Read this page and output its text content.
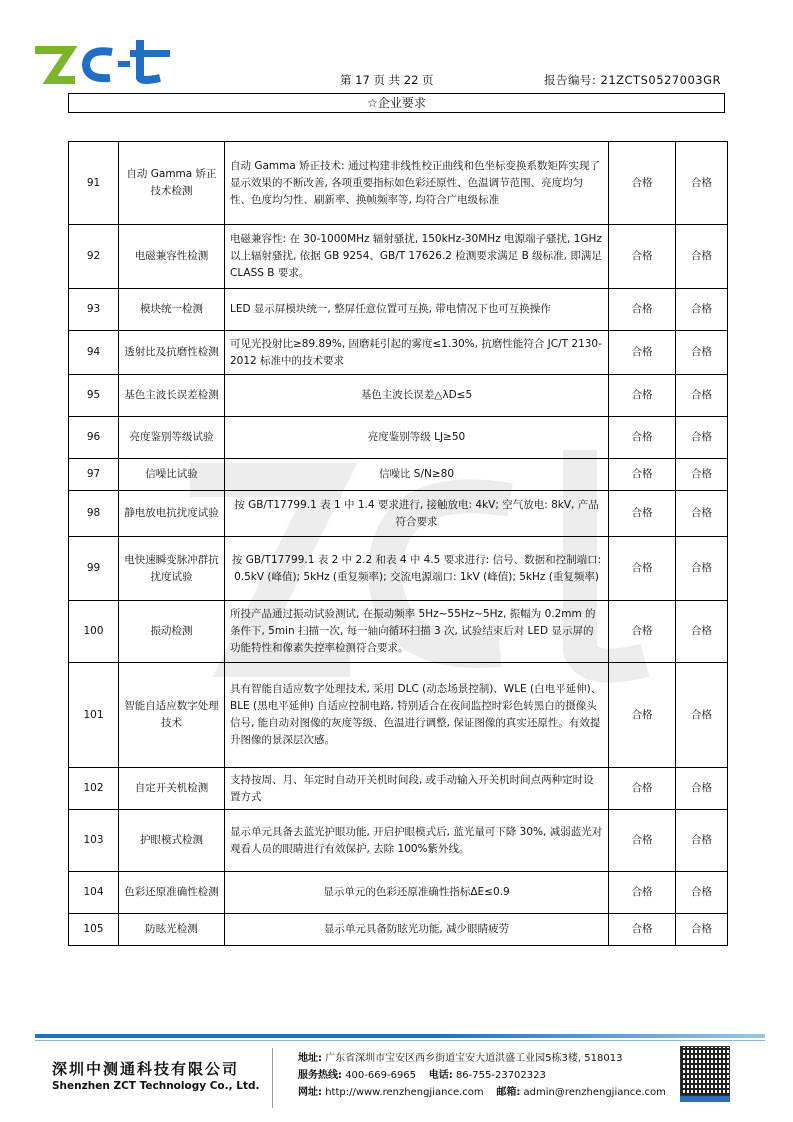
第 17 页 共 22 页	报告编号: 21ZCTS0527003GR
☆企业要求
91	自动 Gamma 矫正技术检测	自动 Gamma 矫正技术: 通过构建非线性校正曲线和色坐标变换系数矩阵实现了显示效果的不断改善, 各项重要指标如色彩还原性、色温调节范围、亮度均匀性、色度均匀性、刷新率、换帧频率等, 均符合广电级标准	合格	合格
92	电磁兼容性检测	电磁兼容性: 在 30-1000MHz 辐射骚扰, 150kHz-30MHz 电源端子骚扰, 1GHz 以上辐射骚扰, 依据 GB 9254、GB/T 17626.2 检测要求满足 B 级标准, 即满足 CLASS B 要求。	合格	合格
93	模块统一检测	LED 显示屏模块统一, 整屏任意位置可互换, 带电情况下也可互换操作	合格	合格
94	透射比及抗磨性检测	可见光投射比≥89.89%, 固磨耗引起的雾度≤1.30%, 抗磨性能符合 JC/T 2130-2012 标准中的技术要求	合格	合格
95	基色主波长误差检测	基色主波长误差△λD≤5	合格	合格
96	亮度鉴别等级试验	亮度鉴别等级 LJ≥50	合格	合格
97	信噪比试验	信噪比 S/N≥80	合格	合格
98	静电放电抗扰度试验	按 GB/T17799.1 表 1 中 1.4 要求进行, 接触放电: 4kV; 空气放电: 8kV, 产品符合要求	合格	合格
99	电快速瞬变脉冲群抗扰度试验	按 GB/T17799.1 表 2 中 2.2 和表 4 中 4.5 要求进行: 信号、数据和控制端口: 0.5kV (峰值); 5kHz (重复频率); 交流电源端口: 1kV (峰值); 5kHz (重复频率)	合格	合格
100	振动检测	所投产品通过振动试验测试, 在振动频率 5Hz~55Hz~5Hz, 振幅为 0.2mm 的条件下, 5min 扫描一次, 每一轴向循环扫描 3 次, 试验结束后对 LED 显示屏的功能特性和像素失控率检测符合要求。	合格	合格
101	智能自适应数字处理技术	具有智能自适应数字处理技术, 采用 DLC (动态场景控制)、WLE (白电平延伸)、BLE (黑电平延伸) 自适应控制电路, 特别适合在夜间监控时彩色转黑白的摄像头信号, 能自动对图像的灰度等级、色温进行调整, 保证图像的真实还原性。有效提升图像的景深层次感。	合格	合格
102	自定开关机检测	支持按周、月、年定时自动开关机时间段, 或手动输入开关机时间点两种定时设置方式	合格	合格
103	护眼模式检测	显示单元具备去蓝光护眼功能, 开启护眼模式后, 蓝光量可下降 30%, 减弱蓝光对观看人员的眼睛进行有效保护, 去除 100%紫外线。	合格	合格
104	色彩还原准确性检测	显示单元的色彩还原准确性指标ΔE≤0.9	合格	合格
105	防眩光检测	显示单元具备防眩光功能, 减少眼睛疲劳	合格	合格
深圳中测通科技有限公司
Shenzhen ZCT Technology Co., Ltd.
地址: 广东省深圳市宝安区西乡街道宝安大道洪盛工业园5栋3楼, 518013
服务热线: 400-669-6965 电话: 86-755-23702323
网址: http://www.renzhengjiance.com 邮箱: admin@renzhengjiance.com
